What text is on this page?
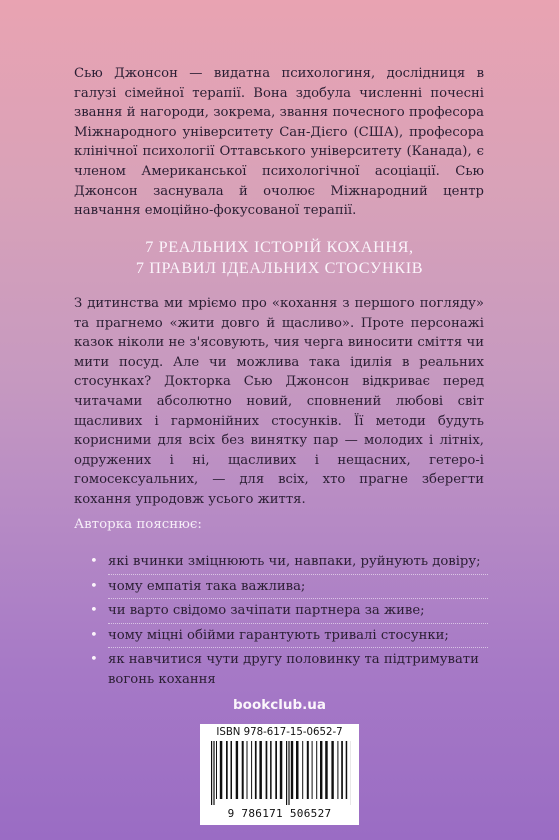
Сью Джонсон — видатна психологиня, дослідниця в галузі сімейної терапії. Вона здобула численні почесні звання й нагороди, зокрема, звання почесного професора Міжнародного університету Сан-Дієго (США), професора клінічної психології Оттавського університету (Канада), є членом Американської психологічної асоціації. Сью Джонсон заснувала й очолює Міжнародний центр навчання емоційно-фокусованої терапії.
7 РЕАЛЬНИХ ІСТОРІЙ КОХАННЯ,
7 ПРАВИЛ ІДЕАЛЬНИХ СТОСУНКІВ
З дитинства ми мріємо про «кохання з першого погляду» та прагнемо «жити довго й щасливо». Проте персонажі казок ніколи не з'ясовують, чия черга виносити сміття чи мити посуд. Але чи можлива така ідилія в реальних стосунках? Докторка Сью Джонсон відкриває перед читачами абсолютно новий, сповнений любові світ щасливих і гармонійних стосунків. Її методи будуть корисними для всіх без винятку пар — молодих і літніх, одружених і ні, щасливих і нещасних, гетеро-і гомосексуальних, — для всіх, хто прагне зберегти кохання упродовж усього життя.
Авторка пояснює:
• які вчинки зміцнюють чи, навпаки, руйнують довіру;
• чому емпатія така важлива;
• чи варто свідомо зачіпати партнера за живе;
• чому міцні обійми гарантують тривалі стосунки;
• як навчитися чути другу половинку та підтримувати вогонь кохання
bookclub.ua
ISBN 978-617-15-0652-7
9 786171 506527
